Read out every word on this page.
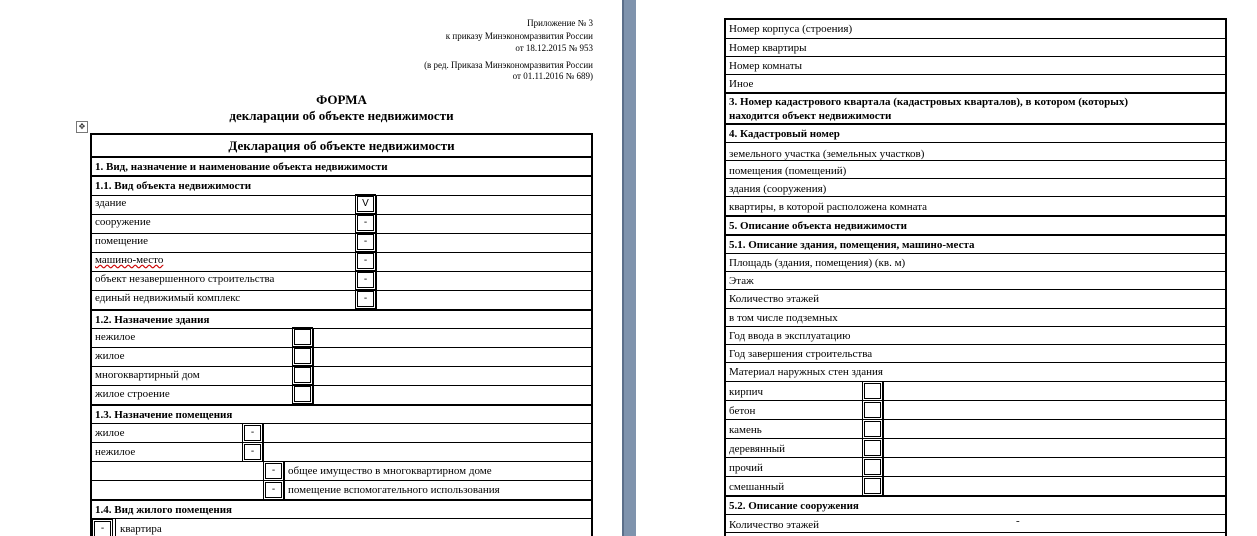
Приложение № 3
к приказу Минэкономразвития России
от 18.12.2015 № 953
(в ред. Приказа Минэкономразвития России
от 01.11.2016 № 689)
ФОРМА
декларации об объекте недвижимости
✥
Декларация об объекте недвижимости
1. Вид, назначение и наименование объекта недвижимости
1.1. Вид объекта недвижимости
здание	V
сооружение	-
помещение	-
машино-место	-
объект незавершенного строительства	-
единый недвижимый комплекс	-
1.2. Назначение здания
нежилое
жилое
многоквартирный дом
жилое строение
1.3. Назначение помещения
жилое	-
нежилое	-
-	общее имущество в многоквартирном доме
-	помещение вспомогательного использования
1.4. Вид жилого помещения
-	квартира
Номер корпуса (строения)
Номер квартиры
Номер комнаты
Иное
3. Номер кадастрового квартала (кадастровых кварталов), в котором (которых)
находится объект недвижимости
4. Кадастровый номер
земельного участка (земельных участков)
помещения (помещений)
здания (сооружения)
квартиры, в которой расположена комната
5. Описание объекта недвижимости
5.1. Описание здания, помещения, машино-места
Площадь (здания, помещения) (кв. м)
Этаж
Количество этажей
в том числе подземных
Год ввода в эксплуатацию
Год завершения строительства
Материал наружных стен здания
кирпич
бетон
камень
деревянный
прочий
смешанный
5.2. Описание сооружения
Количество этажей	-
